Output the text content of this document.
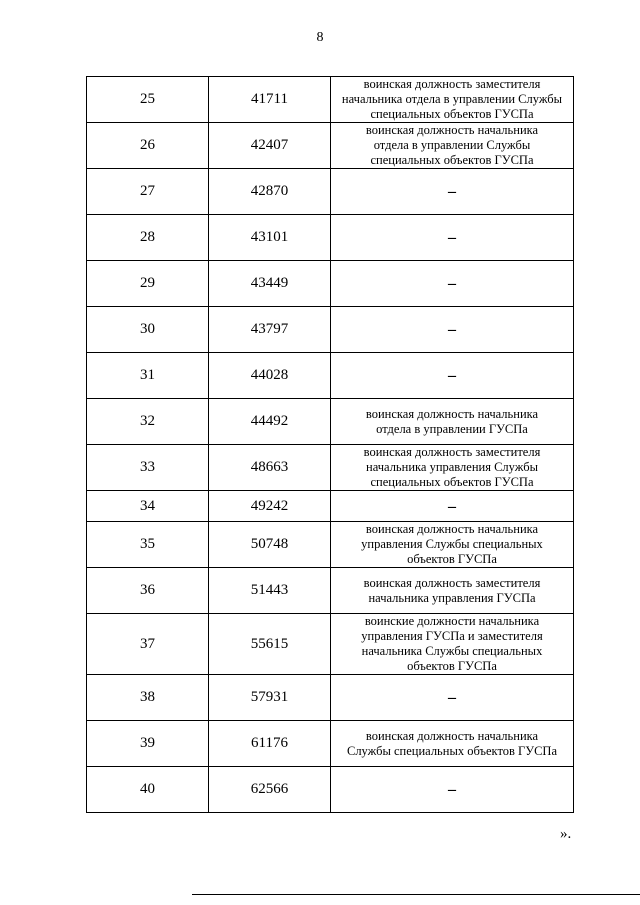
8
25	41711	воинская должность заместителя
начальника отдела в управлении Службы
специальных объектов ГУСПа

26	42407	воинская должность начальника
отдела в управлении Службы
специальных объектов ГУСПа

27	42870	–

28	43101	–

29	43449	–

30	43797	–

31	44028	–

32	44492	воинская должность начальника
отдела в управлении ГУСПа

33	48663	воинская должность заместителя
начальника управления Службы
специальных объектов ГУСПа

34	49242	–

35	50748	воинская должность начальника
управления Службы специальных
объектов ГУСПа

36	51443	воинская должность заместителя
начальника управления ГУСПа

37	55615	воинские должности начальника
управления ГУСПа и заместителя
начальника Службы специальных
объектов ГУСПа

38	57931	–

39	61176	воинская должность начальника
Службы специальных объектов ГУСПа

40	62566	–
».
